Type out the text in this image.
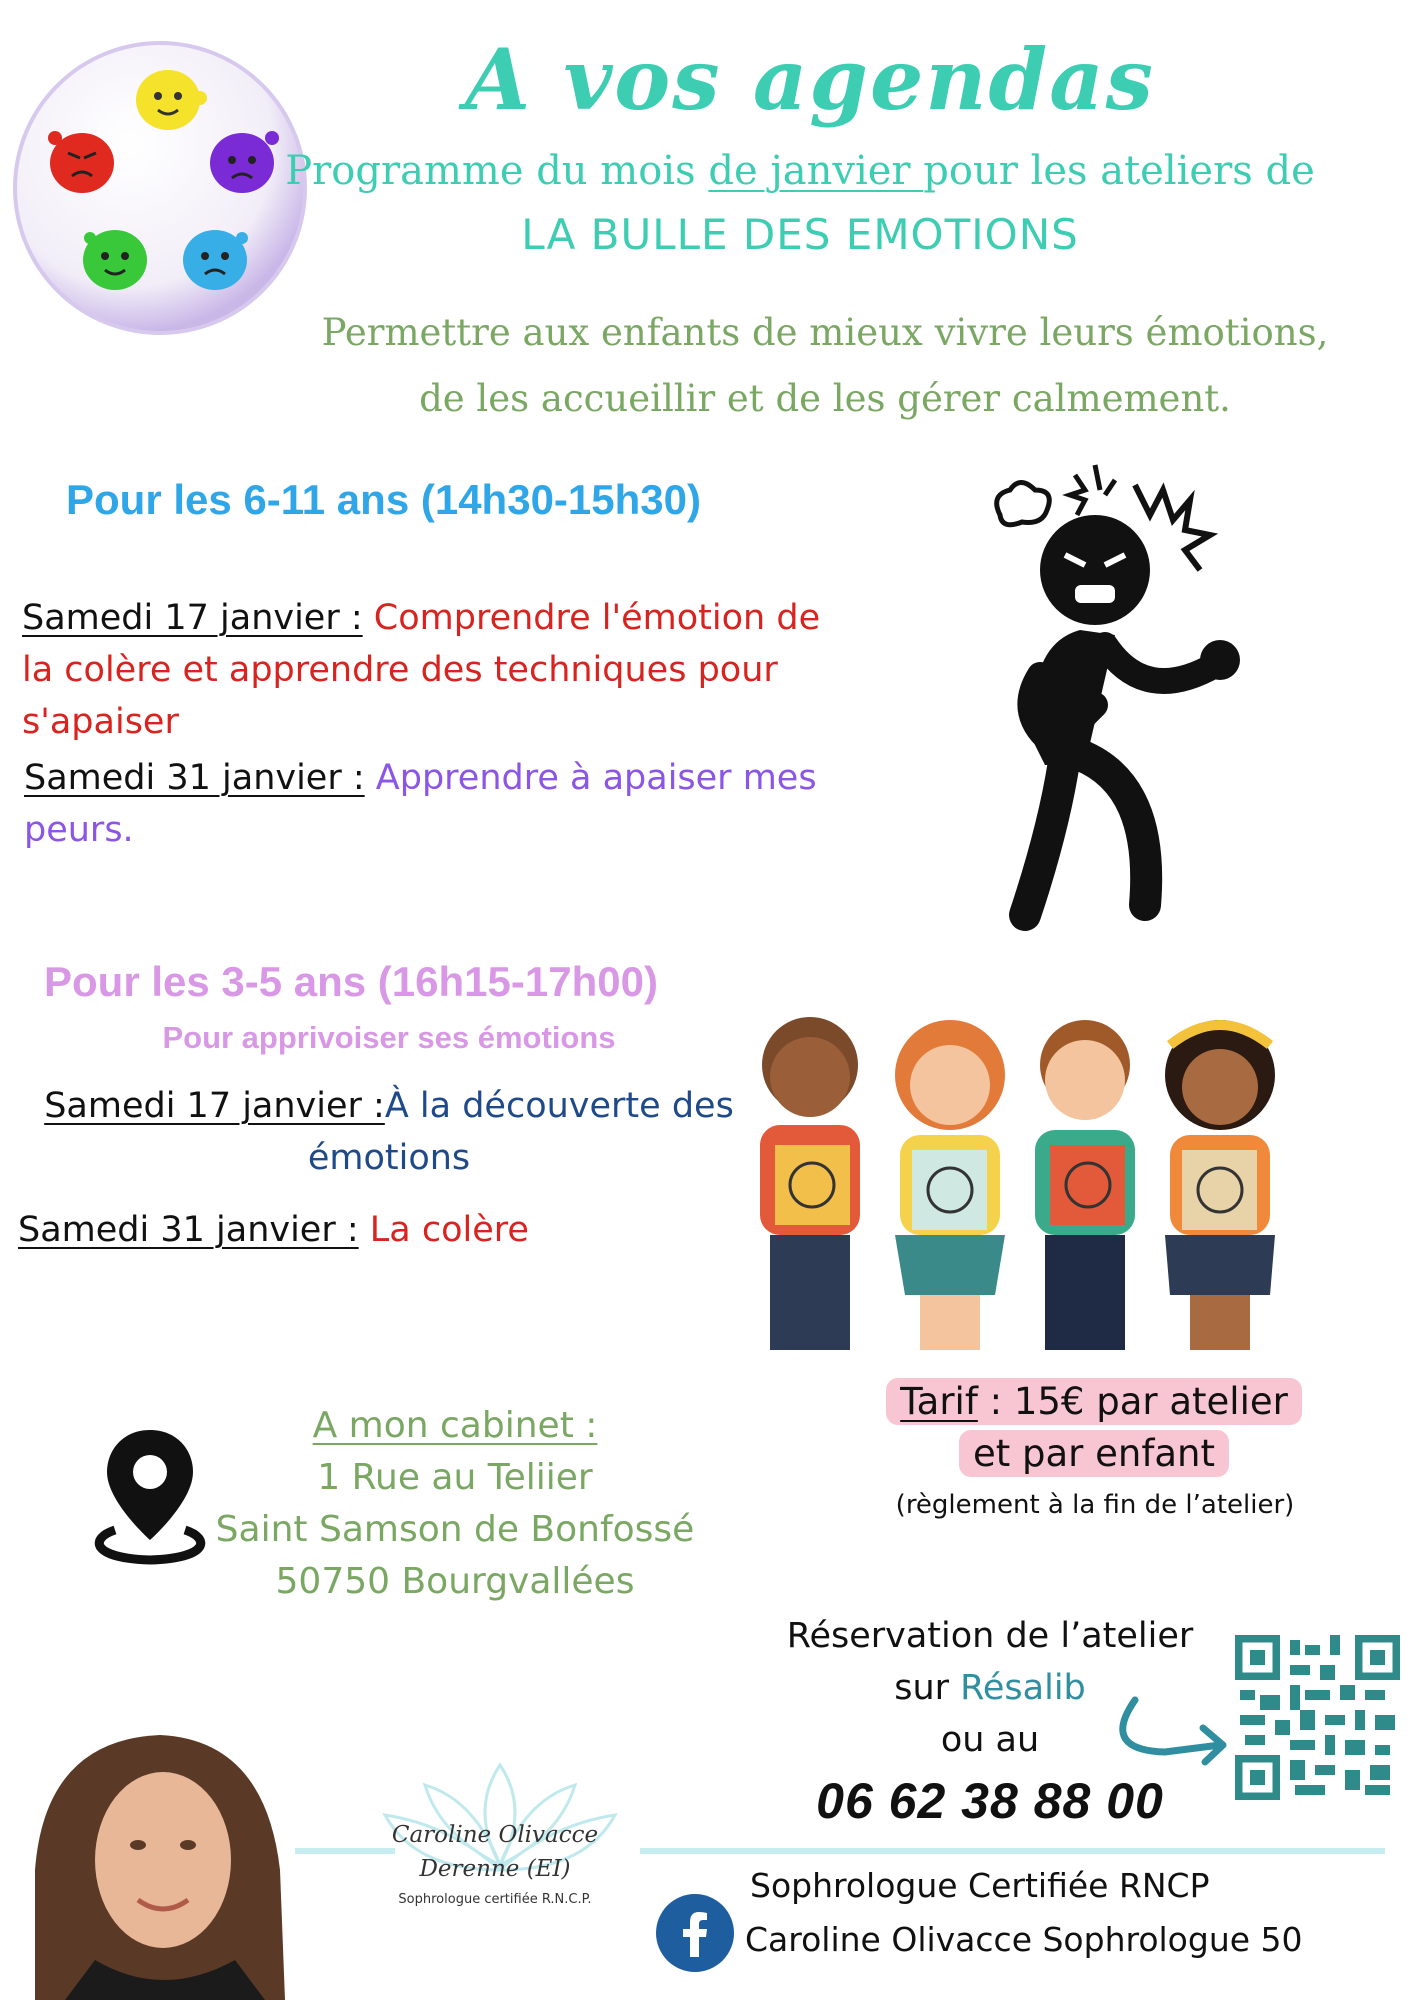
A vos agendas
Programme du mois de janvier pour les ateliers de
LA BULLE DES EMOTIONS
Permettre aux enfants de mieux vivre leurs émotions,
de les accueillir et de les gérer calmement.
Pour les 6-11 ans (14h30-15h30)
Samedi 17 janvier : Comprendre l'émotion de la colère et apprendre des techniques pour s'apaiser
Samedi 31 janvier : Apprendre à apaiser mes peurs.
Pour les 3-5 ans (16h15-17h00)
Pour apprivoiser ses émotions
Samedi 17 janvier :À la découverte des émotions
Samedi 31 janvier : La colère
A mon cabinet :
1 Rue au Teliier
Saint Samson de Bonfossé
50750 Bourgvallées
Tarif : 15€ par atelier
et par enfant
(règlement à la fin de l’atelier)
Réservation de l’atelier
sur Résalib
ou au
06 62 38 88 00
Caroline Olivacce
Derenne (EI)
Sophrologue certifiée R.N.C.P.	Sophrologue Certifiée RNCP
Caroline Olivacce Sophrologue 50
